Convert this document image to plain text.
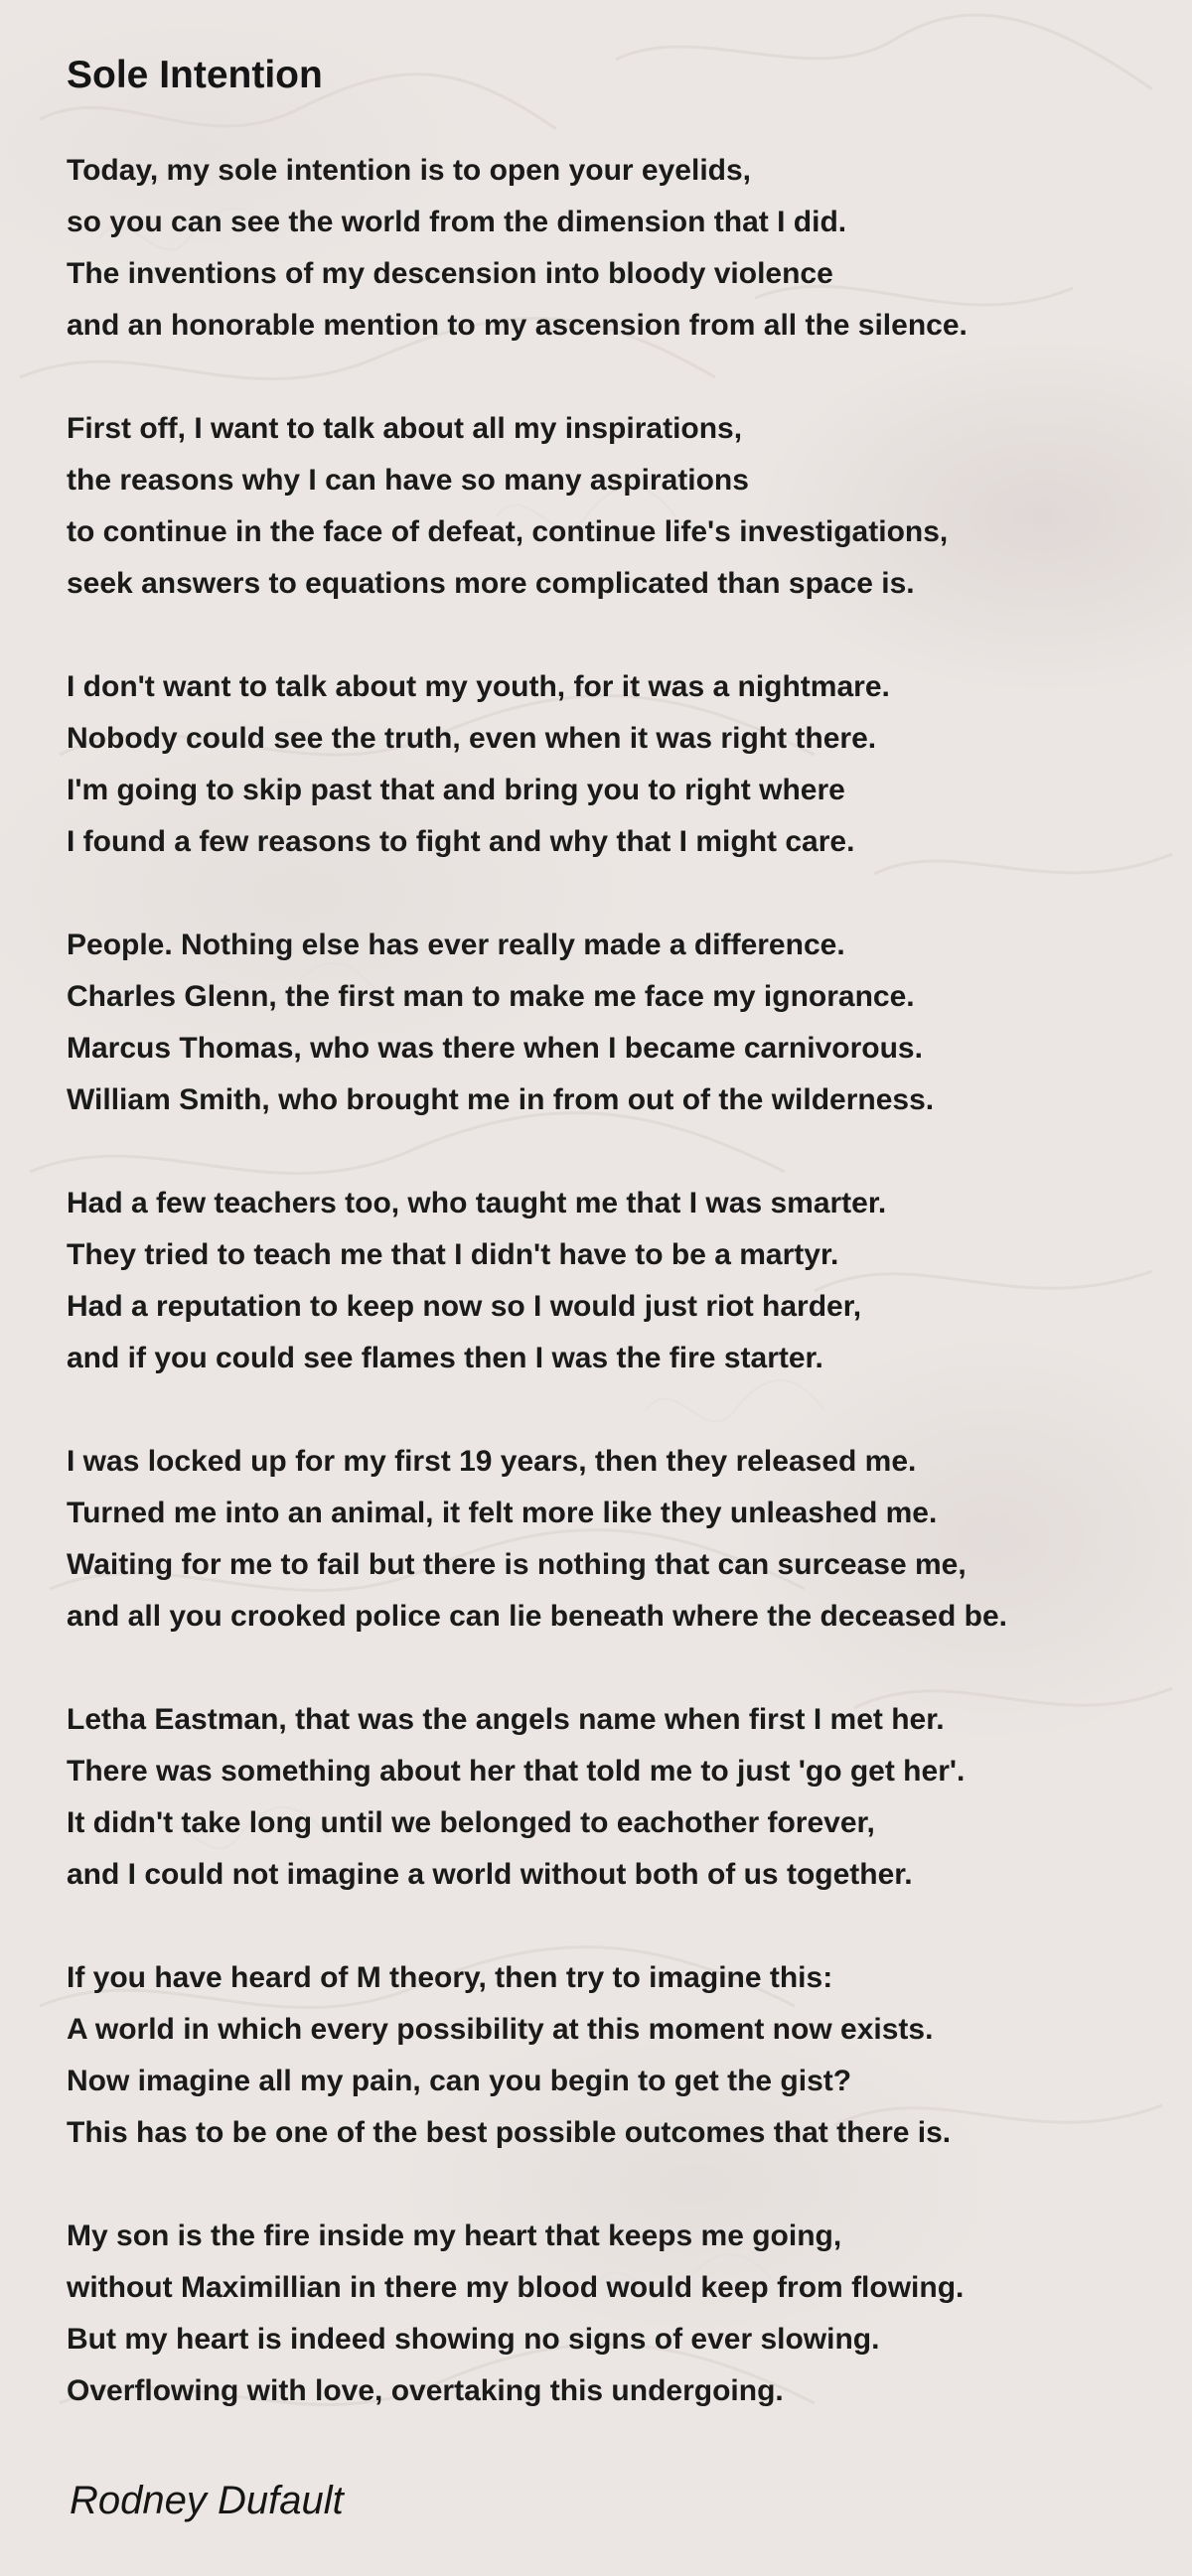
Sole Intention
Today, my sole intention is to open your eyelids,
so you can see the world from the dimension that I did.
The inventions of my descension into bloody violence
and an honorable mention to my ascension from all the silence.
First off, I want to talk about all my inspirations,
the reasons why I can have so many aspirations
to continue in the face of defeat, continue life's investigations,
seek answers to equations more complicated than space is.
I don't want to talk about my youth, for it was a nightmare.
Nobody could see the truth, even when it was right there.
I'm going to skip past that and bring you to right where
I found a few reasons to fight and why that I might care.
People. Nothing else has ever really made a difference.
Charles Glenn, the first man to make me face my ignorance.
Marcus Thomas, who was there when I became carnivorous.
William Smith, who brought me in from out of the wilderness.
Had a few teachers too, who taught me that I was smarter.
They tried to teach me that I didn't have to be a martyr.
Had a reputation to keep now so I would just riot harder,
and if you could see flames then I was the fire starter.
I was locked up for my first 19 years, then they released me.
Turned me into an animal, it felt more like they unleashed me.
Waiting for me to fail but there is nothing that can surcease me,
and all you crooked police can lie beneath where the deceased be.
Letha Eastman, that was the angels name when first I met her.
There was something about her that told me to just 'go get her'.
It didn't take long until we belonged to eachother forever,
and I could not imagine a world without both of us together.
If you have heard of M theory, then try to imagine this:
A world in which every possibility at this moment now exists.
Now imagine all my pain, can you begin to get the gist?
This has to be one of the best possible outcomes that there is.
My son is the fire inside my heart that keeps me going,
without Maximillian in there my blood would keep from flowing.
But my heart is indeed showing no signs of ever slowing.
Overflowing with love, overtaking this undergoing.
Rodney Dufault
